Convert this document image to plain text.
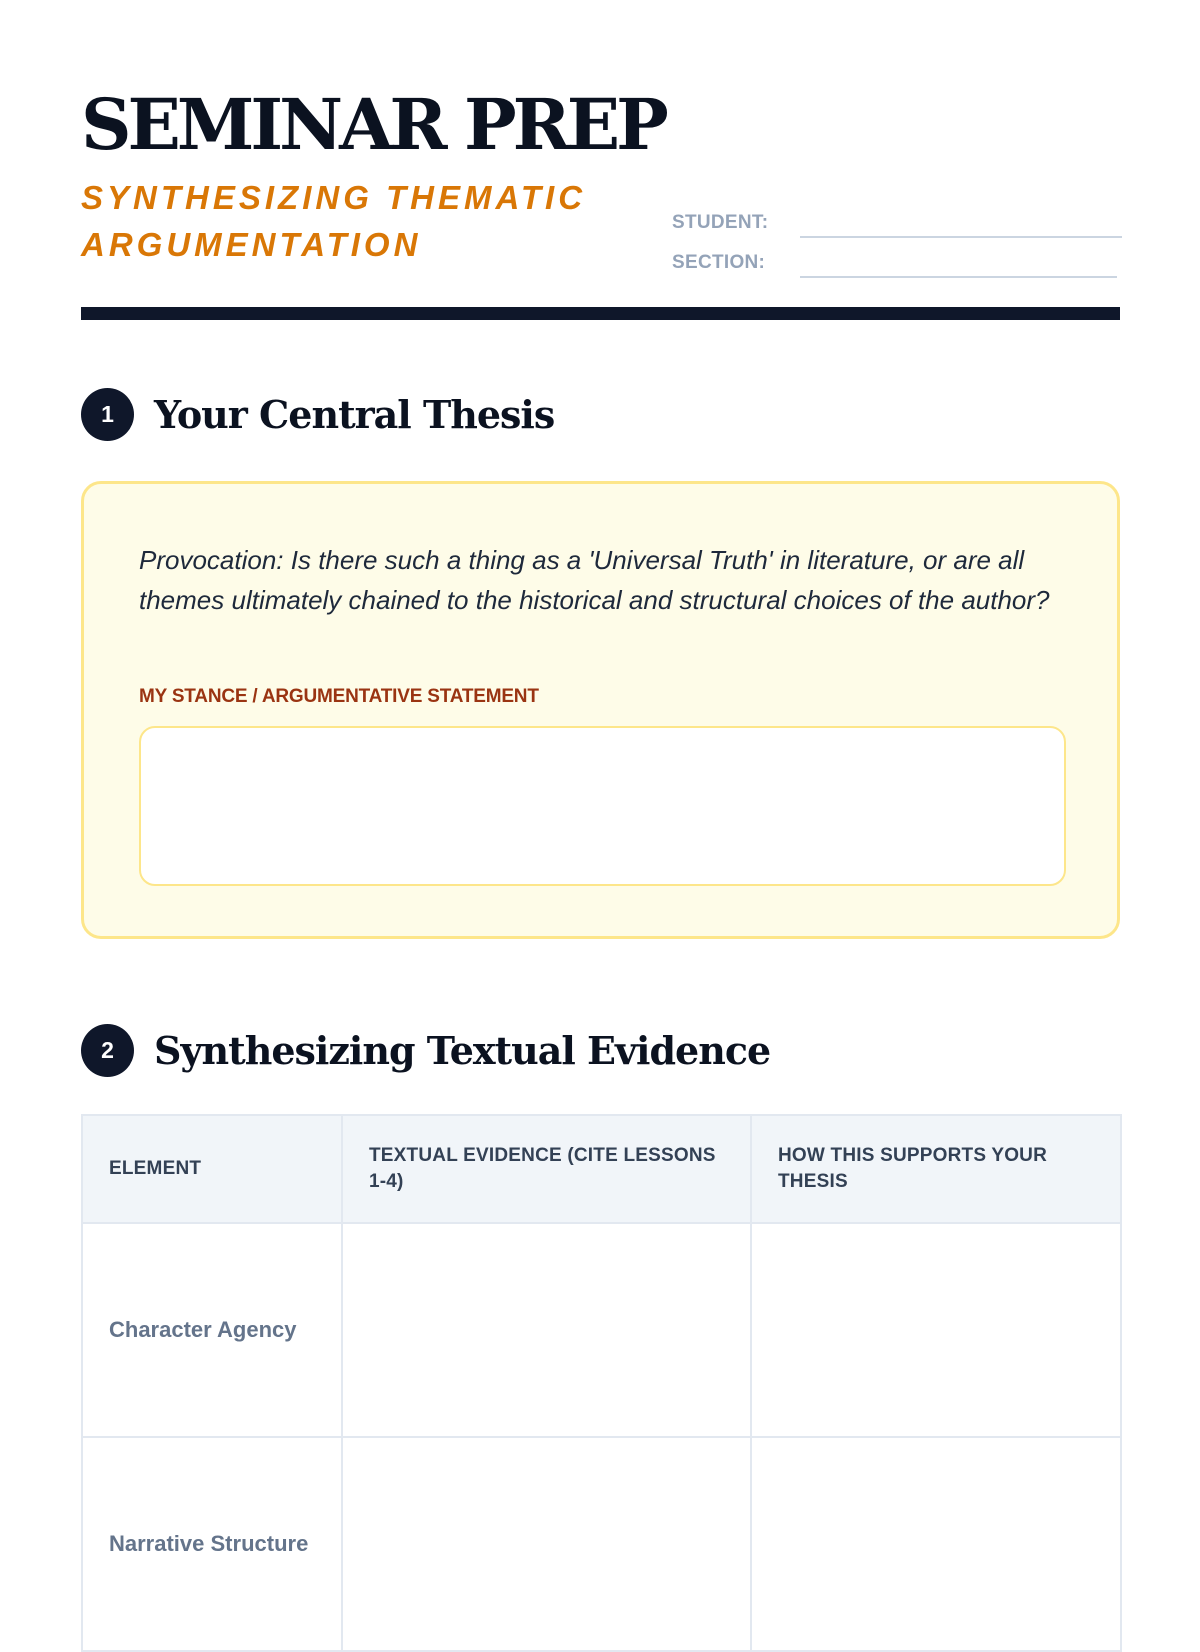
SEMINAR PREP

SYNTHESIZING THEMATIC ARGUMENTATION

STUDENT:
SECTION:
1	Your Central Thesis

Provocation: Is there such a thing as a 'Universal Truth' in literature, or are all themes ultimately chained to the historical and structural choices of the author?

MY STANCE / ARGUMENTATIVE STATEMENT

2	Synthesizing Textual Evidence
ELEMENT	TEXTUAL EVIDENCE (CITE LESSONS 1-4)	HOW THIS SUPPORTS YOUR THESIS
Character Agency		
Narrative Structure		
